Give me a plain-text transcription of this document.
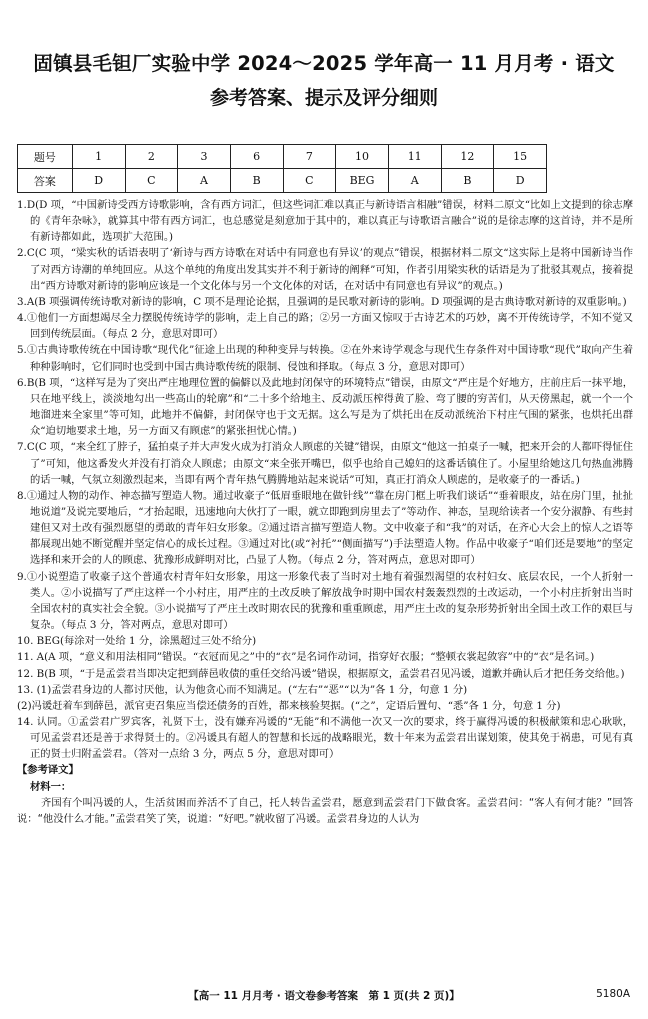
固镇县毛钽厂实验中学 2024～2025 学年高一 11 月月考 · 语文
参考答案、提示及评分细则
题号	1	2	3	6	7	10	11	12	15
答案	D	C	A	B	C	BEG	A	B	D

1.D(D 项，“中国新诗受西方诗歌影响，含有西方词汇，但这些词汇难以真正与新诗语言相融”错误，材料二原文“比如上文提到的徐志摩的《青年杂咏》，就算其中带有西方词汇，也总感觉是刻意加于其中的，难以真正与诗歌语言融合”说的是徐志摩的这首诗，并不是所有新诗都如此，选项扩大范围。)

2.C(C 项，“梁实秋的话语表明了‘新诗与西方诗歌在对话中有同意也有异议’的观点”错误，根据材料二原文“这实际上是将中国新诗当作了对西方诗潮的单纯回应。从这个单纯的角度出发其实并不利于新诗的阐释”可知，作者引用梁实秋的话语是为了批驳其观点，接着提出“西方诗歌对新诗的影响应该是一个文化体与另一个文化体的对话，在对话中有同意也有异议”的观点。)

3.A(B 项强调传统诗歌对新诗的影响，C 项不是理论论据，且强调的是民歌对新诗的影响。D 项强调的是古典诗歌对新诗的双重影响。)

4.①他们一方面想竭尽全力摆脱传统诗学的影响，走上自己的路；②另一方面又惊叹于古诗艺术的巧妙，离不开传统诗学，不知不觉又回到传统层面。（每点 2 分，意思对即可）

5.①古典诗歌传统在中国诗歌“现代化”征途上出现的种种变异与转换。②在外来诗学观念与现代生存条件对中国诗歌“现代”取向产生着种种影响时，它们同时也受到中国古典诗歌传统的限制、侵蚀和择取。（每点 3 分，意思对即可）

6.B(B 项，“这样写是为了突出严庄地理位置的偏僻以及此地封闭保守的环境特点”错误，由原文“严庄是个好地方，庄前庄后一抹平地，只在地平线上，淡淡地勾出一些高山的轮廓”和“二十多个给地主、反动派压榨得黄了脸、弯了腰的穷苦们，从天傍黑起，就一个一个地溜进来全家里”等可知，此地并不偏僻，封闭保守也于文无据。这么写是为了烘托出在反动派统治下村庄气围的紧张，也烘托出群众“迫切地要求土地，另一方面又有顾虑”的紧张担忧心情。)

7.C(C 项，“来全红了脖子，猛拍桌子并大声发火成为打消众人顾虑的关键”错误，由原文“他这一拍桌子一喊，把来开会的人都吓得怔住了”可知，他这番发火并没有打消众人顾虑；由原文“来全张开嘴巴，似乎也给自己媳妇的这番话镇住了。小屋里给她这几句热血沸腾的话一喊，气氛立刻激烈起来，当即有两个青年热气腾腾地站起来说话”可知，真正打消众人顾虑的，是收豪子的一番话。)

8.①通过人物的动作、神态描写塑造人物。通过收豪子“低眉垂眼地在做针线”“靠在房门框上听我们谈话”“垂着眼皮，站在房门里，扯扯地说道”及说完要地后，“才抬起眼，迅速地向大伙打了一眼，就立即跑到房里去了”等动作、神态，呈现给读者一个安分淑静、有些封建但又对土改有强烈愿望的勇敢的青年妇女形象。②通过语言描写塑造人物。文中收豪子和“我”的对话，在齐心大会上的惊人之语等都展现出她不断觉醒并坚定信心的成长过程。③通过对比(或“衬托”“侧面描写”)手法塑造人物。作品中收豪子“咱们还是要地”的坚定选择和来开会的人的顾虑、犹豫形成鲜明对比，凸显了人物。（每点 2 分，答对两点，意思对即可）

9.①小说塑造了收豪子这个普通农村青年妇女形象，用这一形象代表了当时对土地有着强烈渴望的农村妇女、底层农民，一个人折射一类人。②小说描写了严庄这样一个小村庄，用严庄的土改反映了解放战争时期中国农村轰轰烈烈的土改运动，一个小村庄折射出当时全国农村的真实社会全貌。③小说描写了严庄土改时期农民的犹豫和重重顾虑，用严庄土改的复杂形势折射出全国土改工作的艰巨与复杂。（每点 3 分，答对两点，意思对即可）

10. BEG(每涂对一处给 1 分，涂黑超过三处不给分)

11. A(A 项，“意义和用法相同”错误。“衣冠而见之”中的“衣”是名词作动词，指穿好衣服；“整顿衣裳起敛容”中的“衣”是名词。)

12. B(B 项，“于是孟尝君当即决定把到薛邑收债的重任交给冯谖”错误，根据原文，孟尝君召见冯谖，道歉并确认后才把任务交给他。)

13. (1)孟尝君身边的人都讨厌他，认为他贪心而不知满足。(“左右”“恶”“以为”各 1 分，句意 1 分)

(2)冯谖赶着车到薛邑，派官吏召集应当偿还债务的百姓，都来核验契据。(“之”，定语后置句、“悉”各 1 分，句意 1 分)

14. 认同。①孟尝君广罗宾客，礼贤下士，没有嫌弃冯谖的“无能”和不满他一次又一次的要求，终于赢得冯谖的积极献策和忠心耿耿，可见孟尝君还是善于求得贤士的。②冯谖具有超人的智慧和长远的战略眼光，数十年来为孟尝君出谋划策，使其免于祸患，可见有真正的贤士归附孟尝君。（答对一点给 3 分，两点 5 分，意思对即可）

【参考译文】

材料一：

齐国有个叫冯谖的人，生活贫困而养活不了自己，托人转告孟尝君，愿意到孟尝君门下做食客。孟尝君问：“客人有何才能？”回答说：“他没什么才能。”孟尝君笑了笑，说道：“好吧。”就收留了冯谖。孟尝君身边的人认为

【高一 11 月月考 · 语文卷参考答案　第 1 页(共 2 页)】	5180A
